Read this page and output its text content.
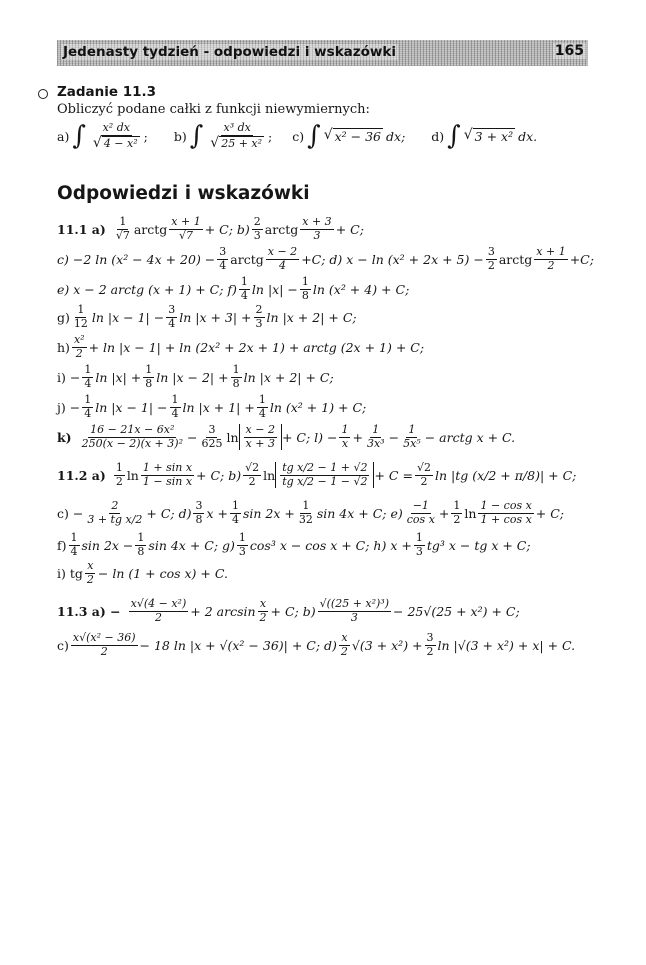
Jedenasty tydzień - odpowiedzi i wskazówki	165
Zadanie 11.3
Obliczyć podane całki z funkcji niewymiernych:
a) ∫ $\frac{\text{x² dx}}{\text{√ 4 − x²}}$ ; b) ∫ $\frac{\text{x³ dx}}{\text{√ 25 + x²}}$ ; c) ∫ √ x² − 36 dx; d) ∫ √ 3 + x² dx.
Odpowiedzi i wskazówki
11.1 $a) \frac{1}{√7}$ arctg $\frac{x + 1}{√7} + C$; $b) \frac{2}{3}$ arctg $\frac{x + 3}{3} + C$;
c) −2 $\ln (x^2 - 4x + 20) - \frac{3}{4}$ arctg $\frac{x - 2}{4} +C$; d) $x - \ln (x^2 + 2x + 5) - \frac{3}{2}$ arctg $\frac{x + 1}{2} +C$;
e) x − 2 arctg (x + 1) + C; $f) \frac{1}{4}$ $\ln |x| - \frac{1}{8}$ ln (x² + 4) + C;
$g) \frac{1}{12}$ $\ln |x - 1| - \frac{3}{4}$ $\ln |x + 3| + \frac{2}{3}$ ln |x + 2| + C;
$h) \frac{\text{x²}}{2} + \ln |x - 1| + \ln (2x^2 + 2x + 1)$ + arctg (2x + 1) + C;
$i) - \frac{1}{4}$ $\ln |x| + \frac{1}{8}$ $\ln |x - 2| + \frac{1}{8}$ ln |x + 2| + C;
$j) - \frac{1}{4}$ $\ln |x - 1| - \frac{1}{4}$ $\ln |x + 1| + \frac{1}{4}$ ln (x² + 1) + C;
$k) \frac{\text{16 − 21x − 6x²}}{\text{250(x − 2)(x + 3)²}} - \frac{3}{625}$ $\ln \frac{x - 2}{x + 3} + C$; $l) - \frac{1}{x} + \frac{1}{\text{3x³}} - \frac{1}{\text{5x⁵}}$ − arctg x + C.
11.2 $a) \frac{1}{2}$ $\ln \frac{\text{1 + sin x}}{\text{1 − sin x}} + C$; $b) \frac{√2}{2}$ $\ln \frac{\text{tg x/2 − 1 + √2}}{\text{tg x/2 − 1 − √2}} + C = \frac{√2}{2}$ ln |tg (x/2 + π/8)| + C;
$c) - \frac{2}{\text{3 + tg x/2}} + C$; $d) \frac{3}{8}$ $x + \frac{1}{4}$ $\sin 2x + \frac{1}{32}$ sin 4x + C; $e) \frac{-1}{\text{cos x}} + \frac{1}{2}$ $\ln \frac{\text{1 − cos x}}{\text{1 + cos x}} + C$;
$f) \frac{1}{4}$ $\sin 2x - \frac{1}{8}$ sin 4x + C; $g) \frac{1}{3} \cos^3$ x − cos x + C; h) $x + \frac{1}{3} tg^3$ x − tg x + C;
i) tg $\frac{x}{2} - \ln (1 + \cos x) + C$.
11.3 $a) - \frac{\text{x√(4 − x²)}}{2} + 2$ $\arcsin \frac{x}{2} + C$; $b) \frac{\text{√((25 + x²)³)}}{3} - 25√(25 + x^2) + C$;
$c) \frac{\text{x√(x² − 36)}}{2} - 18$ ln |x + √(x² − 36)| + C; $d) \frac{x}{2} √(3 + x^2) + \frac{3}{2}$ ln |√(3 + x²) + x| + C.
